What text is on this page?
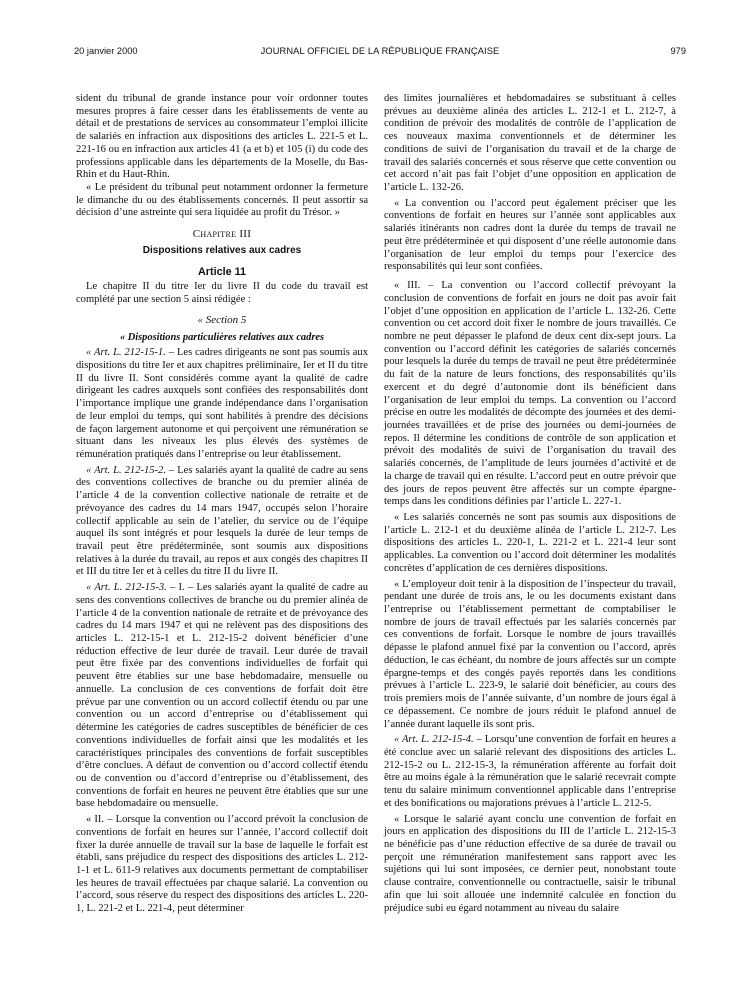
20 janvier 2000	JOURNAL OFFICIEL DE LA RÉPUBLIQUE FRANÇAISE	979

sident du tribunal de grande instance pour voir ordonner toutes mesures propres à faire cesser dans les établissements de vente au détail et de prestations de services au consommateur l’emploi illicite de salariés en infraction aux dispositions des articles L. 221-5 et L. 221-16 ou en infraction aux articles 41 (a et b) et 105 (i) du code des professions applicable dans les départements de la Moselle, du Bas-Rhin et du Haut-Rhin.

« Le président du tribunal peut notamment ordonner la fermeture le dimanche du ou des établissements concernés. Il peut assortir sa décision d’une astreinte qui sera liquidée au profit du Trésor. »

Chapitre III

Dispositions relatives aux cadres

Article 11

Le chapitre II du titre Ier du livre II du code du travail est complété par une section 5 ainsi rédigée :

« Section 5

« Dispositions particulières relatives aux cadres

« Art. L. 212-15-1. – Les cadres dirigeants ne sont pas soumis aux dispositions du titre Ier et aux chapitres préliminaire, Ier et II du titre II du livre II. Sont considérés comme ayant la qualité de cadre dirigeant les cadres auxquels sont confiées des responsabilités dont l’importance implique une grande indépendance dans l’organisation de leur emploi du temps, qui sont habilités à prendre des décisions de façon largement autonome et qui perçoivent une rémunération se situant dans les niveaux les plus élevés des systèmes de rémunération pratiqués dans l’entreprise ou leur établissement.

« Art. L. 212-15-2. – Les salariés ayant la qualité de cadre au sens des conventions collectives de branche ou du premier alinéa de l’article 4 de la convention collective nationale de retraite et de prévoyance des cadres du 14 mars 1947, occupés selon l’horaire collectif applicable au sein de l’atelier, du service ou de l’équipe auquel ils sont intégrés et pour lesquels la durée de leur temps de travail peut être prédéterminée, sont soumis aux dispositions relatives à la durée du travail, au repos et aux congés des chapitres II et III du titre Ier et à celles du titre II du livre II.

« Art. L. 212-15-3. – I. – Les salariés ayant la qualité de cadre au sens des conventions collectives de branche ou du premier alinéa de l’article 4 de la convention nationale de retraite et de prévoyance des cadres du 14 mars 1947 et qui ne relèvent pas des dispositions des articles L. 212-15-1 et L. 212-15-2 doivent bénéficier d’une réduction effective de leur durée de travail. Leur durée de travail peut être fixée par des conventions individuelles de forfait qui peuvent être établies sur une base hebdomadaire, mensuelle ou annuelle. La conclusion de ces conventions de forfait doit être prévue par une convention ou un accord collectif étendu ou par une convention ou un accord d’entreprise ou d’établissement qui détermine les catégories de cadres susceptibles de bénéficier de ces conventions individuelles de forfait ainsi que les modalités et les caractéristiques principales des conventions de forfait susceptibles d’être conclues. A défaut de convention ou d’accord collectif étendu ou de convention ou d’accord d’entreprise ou d’établissement, des conventions de forfait en heures ne peuvent être établies que sur une base hebdomadaire ou mensuelle.

« II. – Lorsque la convention ou l’accord prévoit la conclusion de conventions de forfait en heures sur l’année, l’accord collectif doit fixer la durée annuelle de travail sur la base de laquelle le forfait est établi, sans préjudice du respect des dispositions des articles L. 212-1-1 et L. 611-9 relatives aux documents permettant de comptabiliser les heures de travail effectuées par chaque salarié. La convention ou l’accord, sous réserve du respect des dispositions des articles L. 220-1, L. 221-2 et L. 221-4, peut déterminer

des limites journalières et hebdomadaires se substituant à celles prévues au deuxième alinéa des articles L. 212-1 et L. 212-7, à condition de prévoir des modalités de contrôle de l’application de ces nouveaux maxima conventionnels et de déterminer les conditions de suivi de l’organisation du travail et de la charge de travail des salariés concernés et sous réserve que cette convention ou cet accord n’ait pas fait l’objet d’une opposition en application de l’article L. 132-26.

« La convention ou l’accord peut également préciser que les conventions de forfait en heures sur l’année sont applicables aux salariés itinérants non cadres dont la durée du temps de travail ne peut être prédéterminée et qui disposent d’une réelle autonomie dans l’organisation de leur emploi du temps pour l’exercice des responsabilités qui leur sont confiées.

« III. – La convention ou l’accord collectif prévoyant la conclusion de conventions de forfait en jours ne doit pas avoir fait l’objet d’une opposition en application de l’article L. 132-26. Cette convention ou cet accord doit fixer le nombre de jours travaillés. Ce nombre ne peut dépasser le plafond de deux cent dix-sept jours. La convention ou l’accord définit les catégories de salariés concernés pour lesquels la durée du temps de travail ne peut être prédéterminée du fait de la nature de leurs fonctions, des responsabilités qu’ils exercent et du degré d’autonomie dont ils bénéficient dans l’organisation de leur emploi du temps. La convention ou l’accord précise en outre les modalités de décompte des journées et des demi-journées travaillées et de prise des journées ou demi-journées de repos. Il détermine les conditions de contrôle de son application et prévoit des modalités de suivi de l’organisation du travail des salariés concernés, de l’amplitude de leurs journées d’activité et de la charge de travail qui en résulte. L’accord peut en outre prévoir que des jours de repos peuvent être affectés sur un compte épargne-temps dans les conditions définies par l’article L. 227-1.

« Les salariés concernés ne sont pas soumis aux dispositions de l’article L. 212-1 et du deuxième alinéa de l’article L. 212-7. Les dispositions des articles L. 220-1, L. 221-2 et L. 221-4 leur sont applicables. La convention ou l’accord doit déterminer les modalités concrètes d’application de ces dernières dispositions.

« L’employeur doit tenir à la disposition de l’inspecteur du travail, pendant une durée de trois ans, le ou les documents existant dans l’entreprise ou l’établissement permettant de comptabiliser le nombre de jours de travail effectués par les salariés concernés par ces conventions de forfait. Lorsque le nombre de jours travaillés dépasse le plafond annuel fixé par la convention ou l’accord, après déduction, le cas échéant, du nombre de jours affectés sur un compte épargne-temps et des congés payés reportés dans les conditions prévues à l’article L. 223-9, le salarié doit bénéficier, au cours des trois premiers mois de l’année suivante, d’un nombre de jours égal à ce dépassement. Ce nombre de jours réduit le plafond annuel de l’année durant laquelle ils sont pris.

« Art. L. 212-15-4. – Lorsqu’une convention de forfait en heures a été conclue avec un salarié relevant des dispositions des articles L. 212-15-2 ou L. 212-15-3, la rémunération afférente au forfait doit être au moins égale à la rémunération que le salarié recevrait compte tenu du salaire minimum conventionnel applicable dans l’entreprise et des bonifications ou majorations prévues à l’article L. 212-5.

« Lorsque le salarié ayant conclu une convention de forfait en jours en application des dispositions du III de l’article L. 212-15-3 ne bénéficie pas d’une réduction effective de sa durée de travail ou perçoit une rémunération manifestement sans rapport avec les sujétions qui lui sont imposées, ce dernier peut, nonobstant toute clause contraire, conventionnelle ou contractuelle, saisir le tribunal afin que lui soit allouée une indemnité calculée en fonction du préjudice subi eu égard notamment au niveau du salaire
